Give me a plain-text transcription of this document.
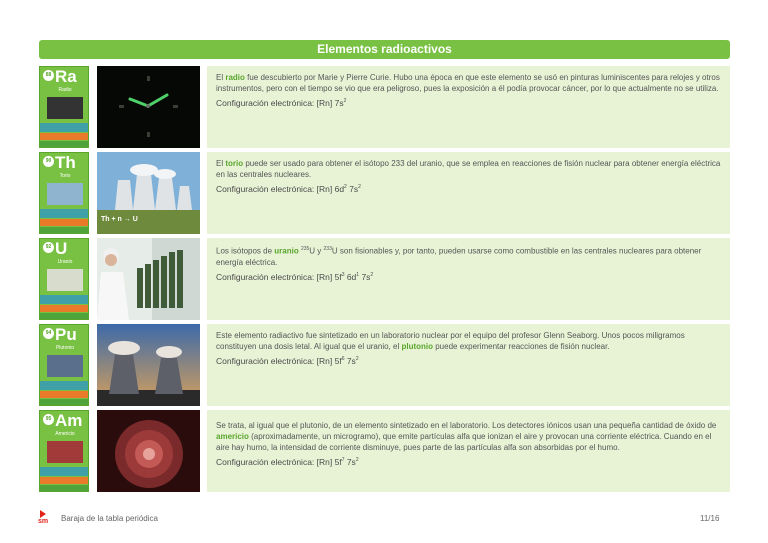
Elementos radioactivos
88 Ra
Radio
El radio fue descubierto por Marie y Pierre Curie. Hubo una época en que este elemento se usó en pinturas luminiscentes para relojes y otros instrumentos, pero con el tiempo se vio que era peligroso, pues la exposición a él podía provocar cáncer, por lo que actualmente no se utiliza.
Configuración electrónica: [Rn] $7s^2$
90 Th
Torio
Th + n → U
El torio puede ser usado para obtener el isótopo 233 del uranio, que se emplea en reacciones de fisión nuclear para obtener energía eléctrica en las centrales nucleares.
Configuración electrónica: [Rn] $6d^2$ $7s^2$
92 U
Uranio
Los isótopos de uranio $^{235}$U y $^{233}$U son fisionables y, por tanto, pueden usarse como combustible en las centrales nucleares para obtener energía eléctrica.
Configuración electrónica: [Rn] $5f^3$ $6d^1$ $7s^2$
94 Pu
Plutonio
Este elemento radiactivo fue sintetizado en un laboratorio nuclear por el equipo del profesor Glenn Seaborg. Unos pocos miligramos constituyen una dosis letal. Al igual que el uranio, el plutonio puede experimentar reacciones de fisión nuclear.
Configuración electrónica: [Rn] $5f^6$ $7s^2$
95 Am
Americio
Se trata, al igual que el plutonio, de un elemento sintetizado en el laboratorio. Los detectores iónicos usan una pequeña cantidad de óxido de americio (aproximadamente, un microgramo), que emite partículas alfa que ionizan el aire y provocan una corriente eléctrica. Cuando en el aire hay humo, la intensidad de corriente disminuye, pues parte de las partículas alfa son absorbidas por el humo.
Configuración electrónica: [Rn] $5f^7$ $7s^2$
sm Baraja de la tabla periódica	11/16
